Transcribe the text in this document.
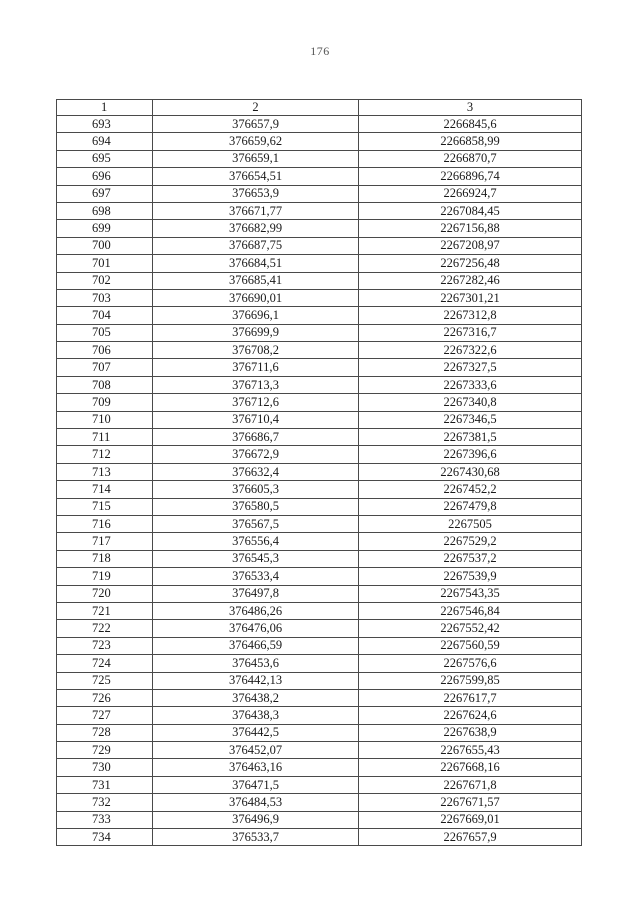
176
1	2	3
693	376657,9	2266845,6
694	376659,62	2266858,99
695	376659,1	2266870,7
696	376654,51	2266896,74
697	376653,9	2266924,7
698	376671,77	2267084,45
699	376682,99	2267156,88
700	376687,75	2267208,97
701	376684,51	2267256,48
702	376685,41	2267282,46
703	376690,01	2267301,21
704	376696,1	2267312,8
705	376699,9	2267316,7
706	376708,2	2267322,6
707	376711,6	2267327,5
708	376713,3	2267333,6
709	376712,6	2267340,8
710	376710,4	2267346,5
711	376686,7	2267381,5
712	376672,9	2267396,6
713	376632,4	2267430,68
714	376605,3	2267452,2
715	376580,5	2267479,8
716	376567,5	2267505
717	376556,4	2267529,2
718	376545,3	2267537,2
719	376533,4	2267539,9
720	376497,8	2267543,35
721	376486,26	2267546,84
722	376476,06	2267552,42
723	376466,59	2267560,59
724	376453,6	2267576,6
725	376442,13	2267599,85
726	376438,2	2267617,7
727	376438,3	2267624,6
728	376442,5	2267638,9
729	376452,07	2267655,43
730	376463,16	2267668,16
731	376471,5	2267671,8
732	376484,53	2267671,57
733	376496,9	2267669,01
734	376533,7	2267657,9
